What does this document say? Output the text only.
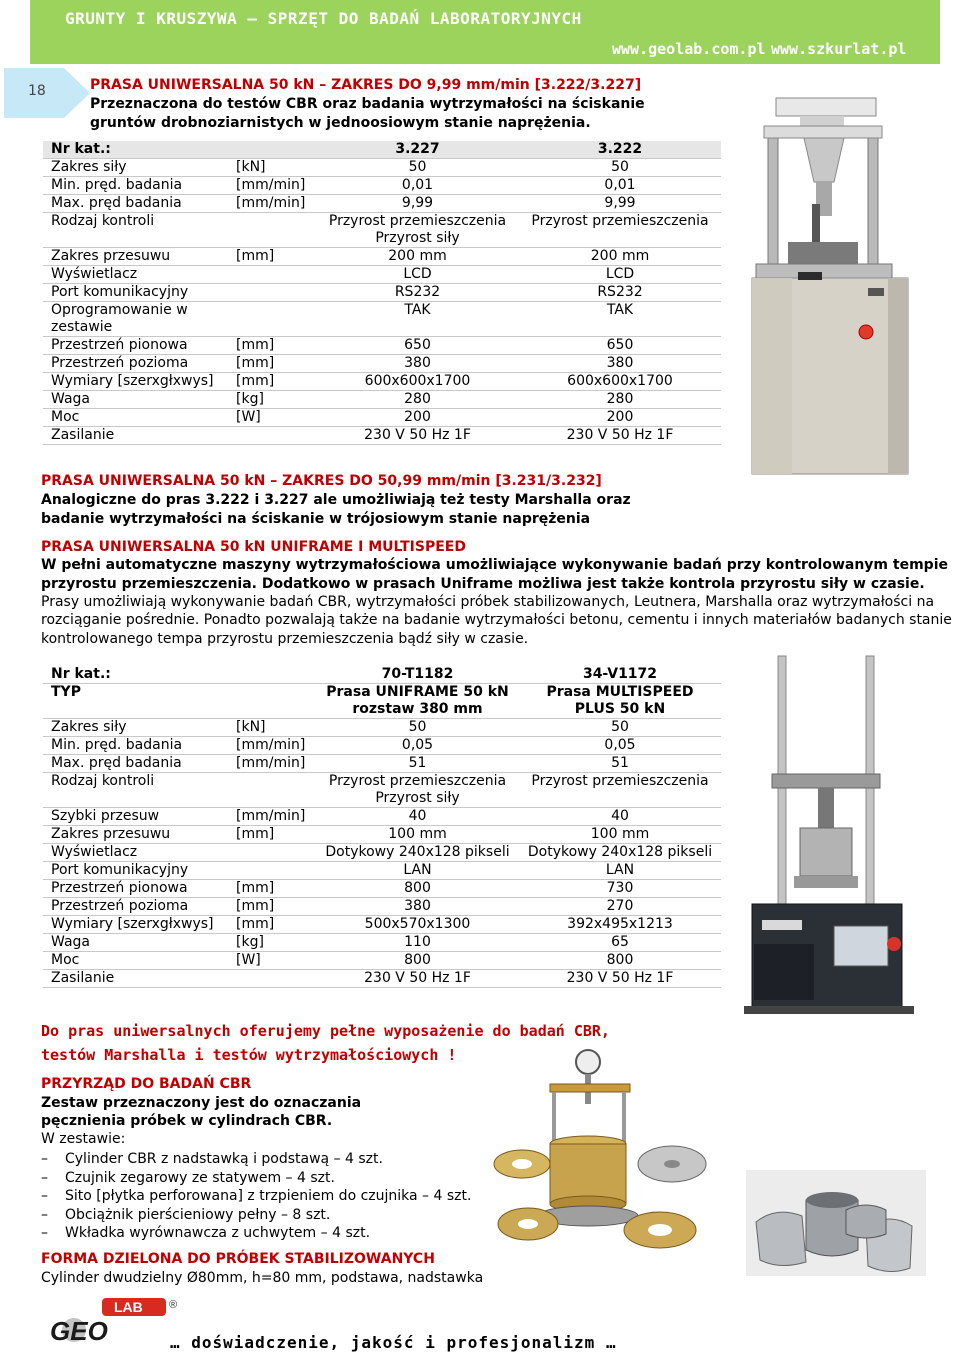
GRUNTY I KRUSZYWA – SPRZĘT DO BADAŃ LABORATORYJNYCH
www.geolab.com.pl www.szkurlat.pl
18	PRASA UNIWERSALNA 50 kN – ZAKRES DO 9,99 mm/min [3.222/3.227]
Przeznaczona do testów CBR oraz badania wytrzymałości na ściskanie
gruntów drobnoziarnistych w jednoosiowym stanie naprężenia.
Nr kat.:		3.227	3.222
Zakres siły	[kN]	50	50
Min. pręd. badania	[mm/min]	0,01	0,01
Max. pręd badania	[mm/min]	9,99	9,99
Rodzaj kontroli		Przyrost przemieszczenia	Przyrost przemieszczenia
		Przyrost siły	
Zakres przesuwu	[mm]	200 mm	200 mm
Wyświetlacz		LCD	LCD
Port komunikacyjny		RS232	RS232
Oprogramowanie w		TAK	TAK
zestawie			
Przestrzeń pionowa	[mm]	650	650
Przestrzeń pozioma	[mm]	380	380
Wymiary [szerxgłxwys]	[mm]	600x600x1700	600x600x1700
Waga	[kg]	280	280
Moc	[W]	200	200
Zasilanie		230 V 50 Hz 1F	230 V 50 Hz 1F
PRASA UNIWERSALNA 50 kN – ZAKRES DO 50,99 mm/min [3.231/3.232]
Analogiczne do pras 3.222 i 3.227 ale umożliwiają też testy Marshalla oraz
badanie wytrzymałości na ściskanie w trójosiowym stanie naprężenia
PRASA UNIWERSALNA 50 kN UNIFRAME I MULTISPEED
W pełni automatyczne maszyny wytrzymałościowa umożliwiające wykonywanie badań przy kontrolowanym tempie
przyrostu przemieszczenia. Dodatkowo w prasach Uniframe możliwa jest także kontrola przyrostu siły w czasie.
Prasy umożliwiają wykonywanie badań CBR, wytrzymałości próbek stabilizowanych, Leutnera, Marshalla oraz wytrzymałości na
rozciąganie pośrednie. Ponadto pozwalają także na badanie wytrzymałości betonu, cementu i innych materiałów badanych stanie
kontrolowanego tempa przyrostu przemieszczenia bądź siły w czasie.
Nr kat.:		70-T1182	34-V1172
TYP		Prasa UNIFRAME 50 kN	Prasa MULTISPEED
		rozstaw 380 mm	PLUS 50 kN
Zakres siły	[kN]	50	50
Min. pręd. badania	[mm/min]	0,05	0,05
Max. pręd badania	[mm/min]	51	51
Rodzaj kontroli		Przyrost przemieszczenia	Przyrost przemieszczenia
		Przyrost siły	
Szybki przesuw	[mm/min]	40	40
Zakres przesuwu	[mm]	100 mm	100 mm
Wyświetlacz		Dotykowy 240x128 pikseli	Dotykowy 240x128 pikseli
Port komunikacyjny		LAN	LAN
Przestrzeń pionowa	[mm]	800	730
Przestrzeń pozioma	[mm]	380	270
Wymiary [szerxgłxwys]	[mm]	500x570x1300	392x495x1213
Waga	[kg]	110	65
Moc	[W]	800	800
Zasilanie		230 V 50 Hz 1F	230 V 50 Hz 1F
Do pras uniwersalnych oferujemy pełne wyposażenie do badań CBR,
testów Marshalla i testów wytrzymałościowych !
PRZYRZĄD DO BADAŃ CBR
Zestaw przeznaczony jest do oznaczania
pęcznienia próbek w cylindrach CBR.
W zestawie:
– Cylinder CBR z nadstawką i podstawą – 4 szt.
– Czujnik zegarowy ze statywem – 4 szt.
– Sito [płytka perforowana] z trzpieniem do czujnika – 4 szt.
– Obciążnik pierścieniowy pełny – 8 szt.
– Wkładka wyrównawcza z uchwytem – 4 szt.
FORMA DZIELONA DO PRÓBEK STABILIZOWANYCH
Cylinder dwudzielny Ø80mm, h=80 mm, podstawa, nadstawka
LAB ®
GEO	… doświadczenie, jakość i profesjonalizm …
